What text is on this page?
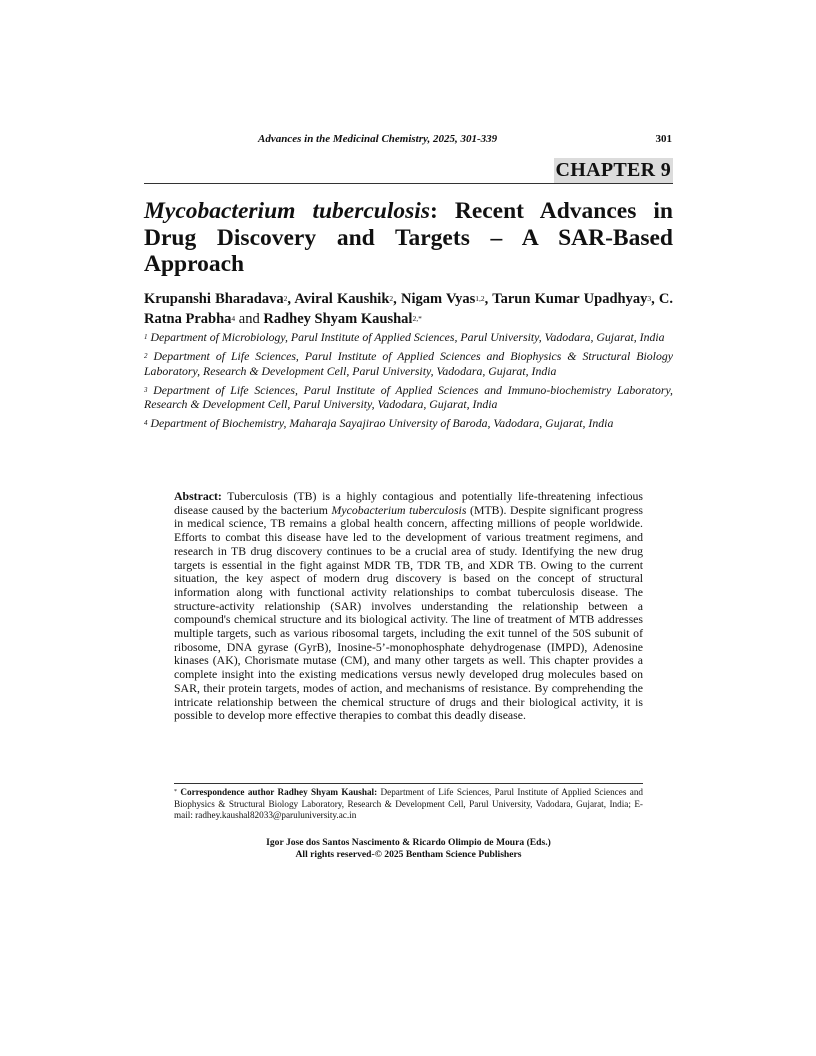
Advances in the Medicinal Chemistry, 2025, 301-339	301
CHAPTER 9
Mycobacterium tuberculosis: Recent Advances in Drug Discovery and Targets – A SAR-Based Approach
Krupanshi Bharadava$^2$, Aviral Kaushik$^2$, Nigam Vyas$^{1,2}$, Tarun Kumar Upadhyay$^3$, C. Ratna Prabha$^4$ and Radhey Shyam Kaushal$^{2,*}$

$^1$ Department of Microbiology, Parul Institute of Applied Sciences, Parul University, Vadodara, Gujarat, India

$^2$ Department of Life Sciences, Parul Institute of Applied Sciences and Biophysics & Structural Biology Laboratory, Research & Development Cell, Parul University, Vadodara, Gujarat, India

$^3$ Department of Life Sciences, Parul Institute of Applied Sciences and Immuno-biochemistry Laboratory, Research & Development Cell, Parul University, Vadodara, Gujarat, India

$^4$ Department of Biochemistry, Maharaja Sayajirao University of Baroda, Vadodara, Gujarat, India

Abstract: Tuberculosis (TB) is a highly contagious and potentially life-threatening infectious disease caused by the bacterium Mycobacterium tuberculosis (MTB). Despite significant progress in medical science, TB remains a global health concern, affecting millions of people worldwide. Efforts to combat this disease have led to the development of various treatment regimens, and research in TB drug discovery continues to be a crucial area of study. Identifying the new drug targets is essential in the fight against MDR TB, TDR TB, and XDR TB. Owing to the current situation, the key aspect of modern drug discovery is based on the concept of structural information along with functional activity relationships to combat tuberculosis disease. The structure-activity relationship (SAR) involves understanding the relationship between a compound's chemical structure and its biological activity. The line of treatment of MTB addresses multiple targets, such as various ribosomal targets, including the exit tunnel of the 50S subunit of ribosome, DNA gyrase (GyrB), Inosine-5’-monophosphate dehydrogenase (IMPD), Adenosine kinases (AK), Chorismate mutase (CM), and many other targets as well. This chapter provides a complete insight into the existing medications versus newly developed drug molecules based on SAR, their protein targets, modes of action, and mechanisms of resistance. By comprehending the intricate relationship between the chemical structure of drugs and their biological activity, it is possible to develop more effective therapies to combat this deadly disease.
* Correspondence author Radhey Shyam Kaushal: Department of Life Sciences, Parul Institute of Applied Sciences and Biophysics & Structural Biology Laboratory, Research & Development Cell, Parul University, Vadodara, Gujarat, India; E-mail: radhey.kaushal82033@paruluniversity.ac.in
Igor Jose dos Santos Nascimento & Ricardo Olimpio de Moura (Eds.)
All rights reserved-© 2025 Bentham Science Publishers
